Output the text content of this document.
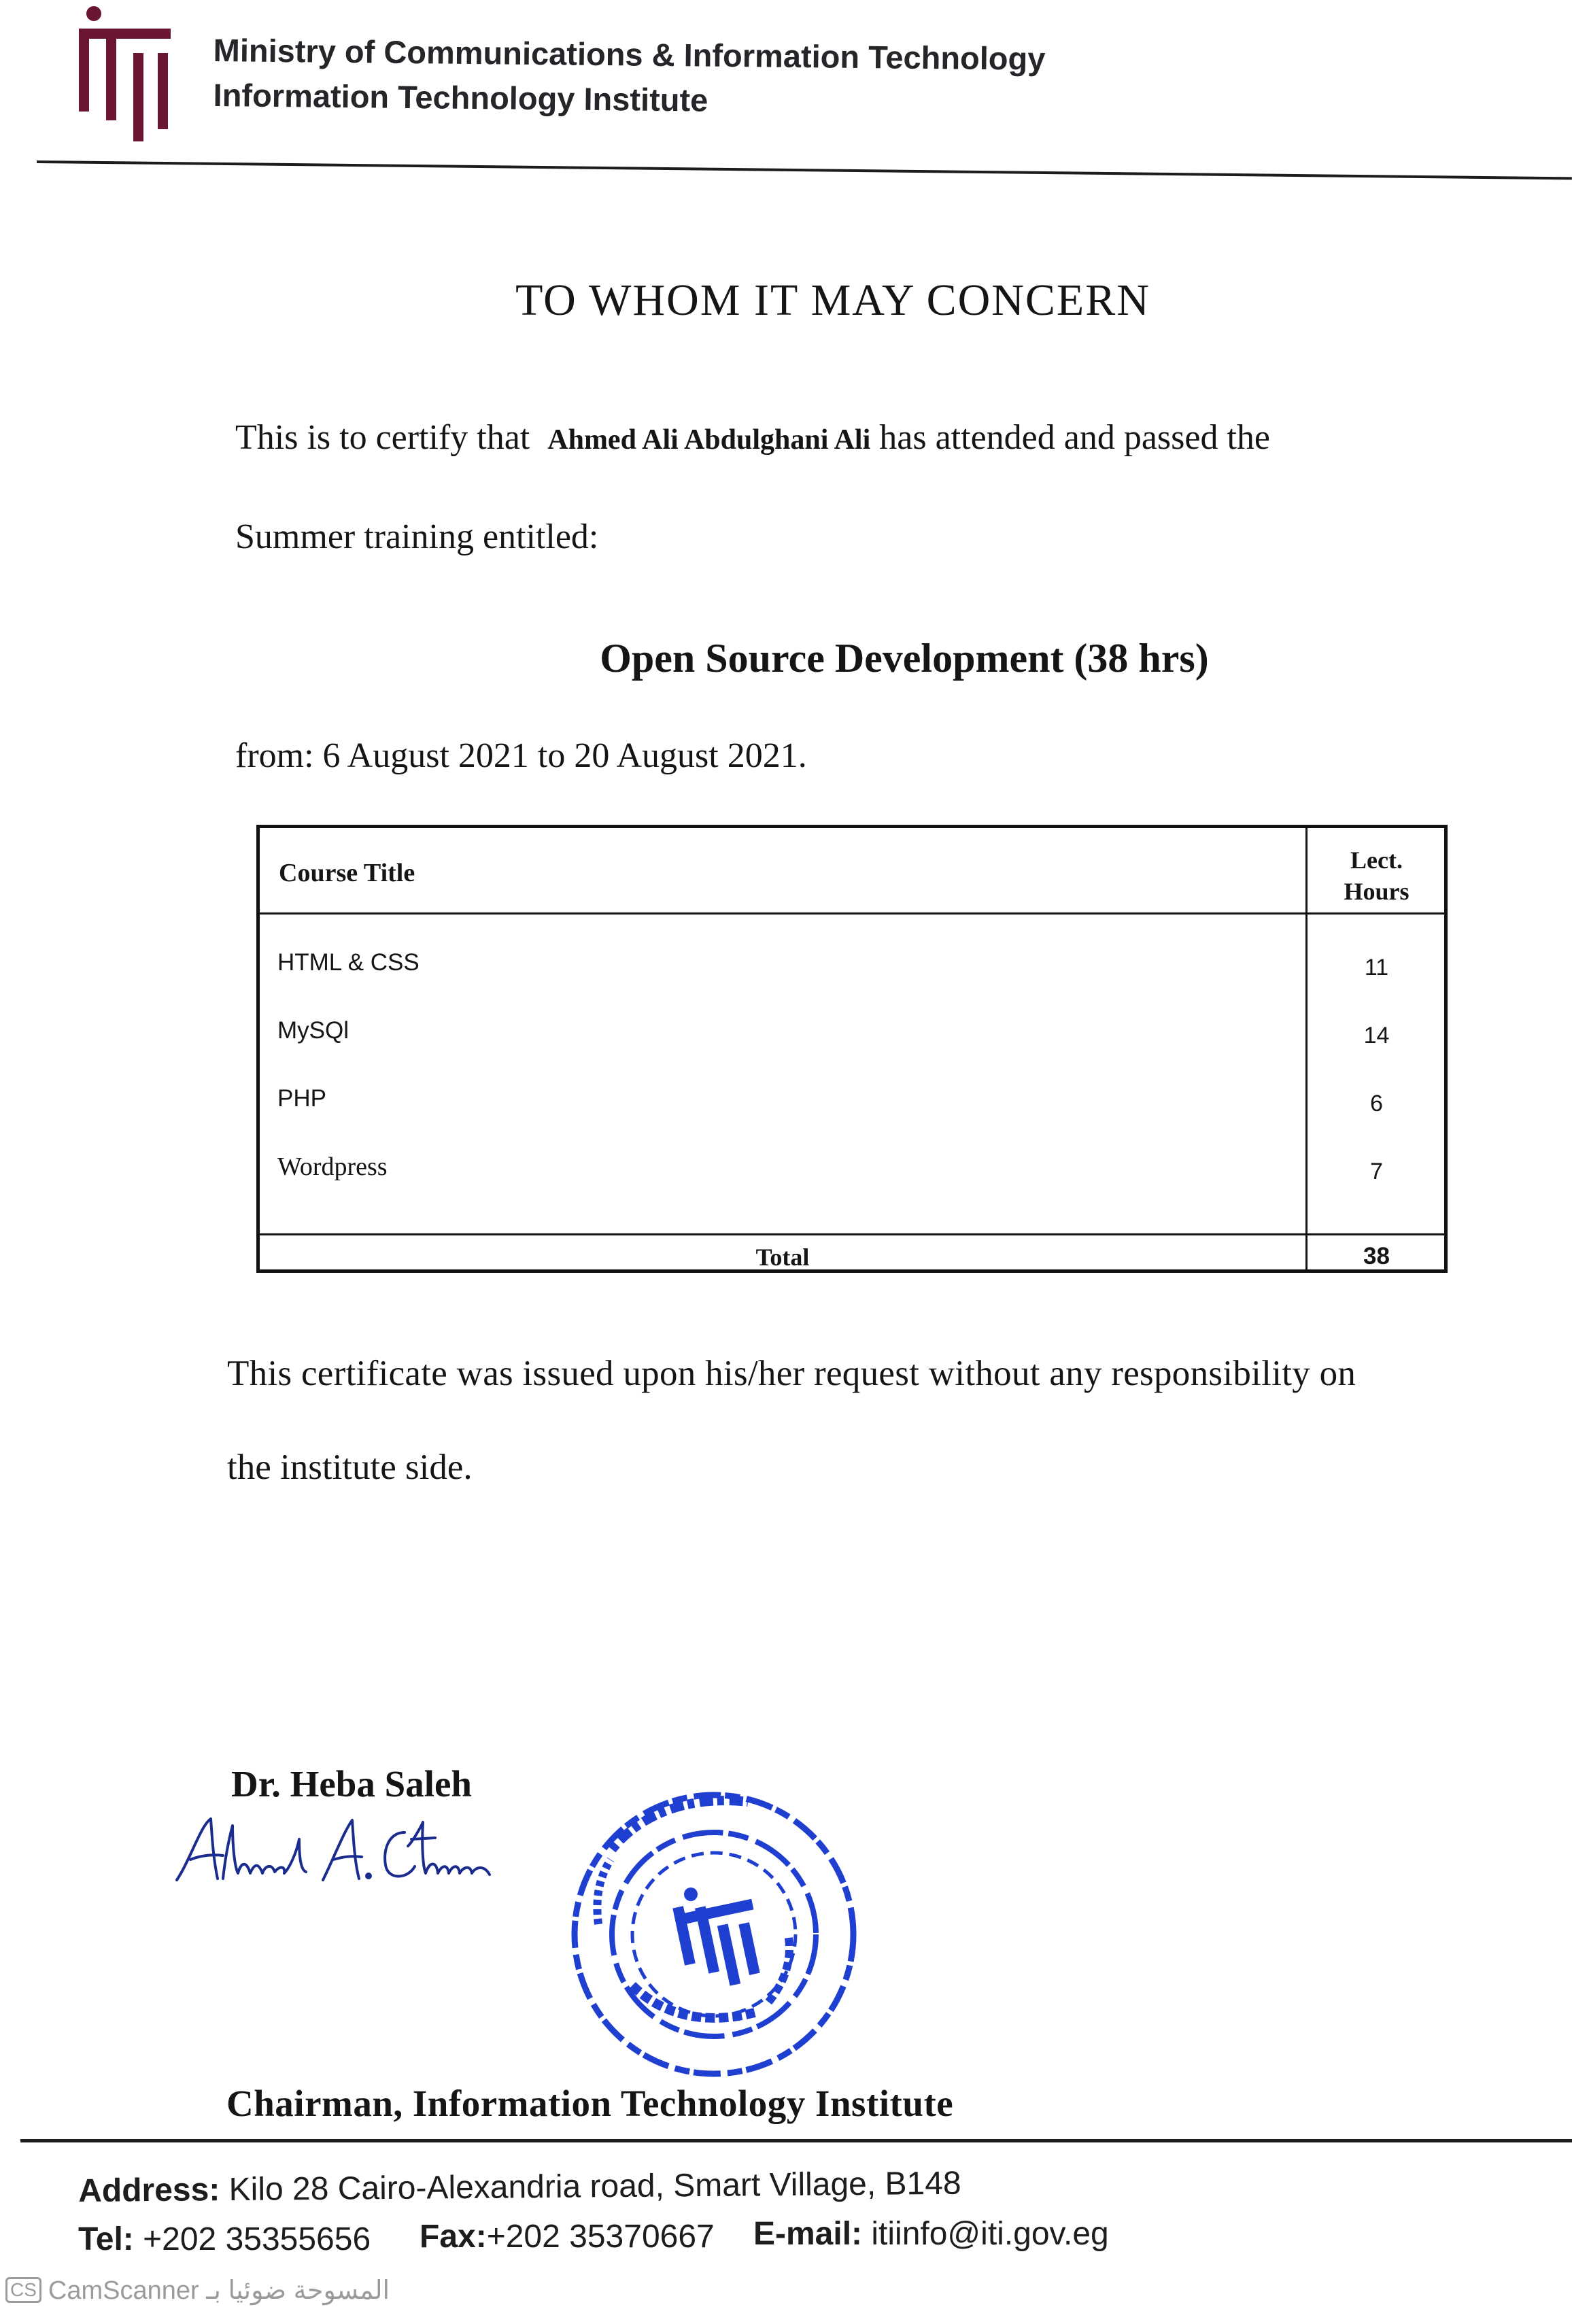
Ministry of Communications & Information Technology
Information Technology Institute
TO WHOM IT MAY CONCERN
This is to certify that Ahmed Ali Abdulghani Ali has attended and passed the
Summer training entitled:
Open Source Development (38 hrs)
from: 6 August 2021 to 20 August 2021.
Course Title	Lect.
Hours
HTML & CSS	11
MySQl	14
PHP	6
Wordpress	7
Total	38
This certificate was issued upon his/her request without any responsibility on
the institute side.
Dr. Heba Saleh
Chairman, Information Technology Institute
Address: Kilo 28 Cairo-Alexandria road, Smart Village, B148
Tel: +202 35355656 Fax:+202 35370667 E-mail: itiinfo@iti.gov.eg
CS CamScanner المسوحة ضوئيا بـ
